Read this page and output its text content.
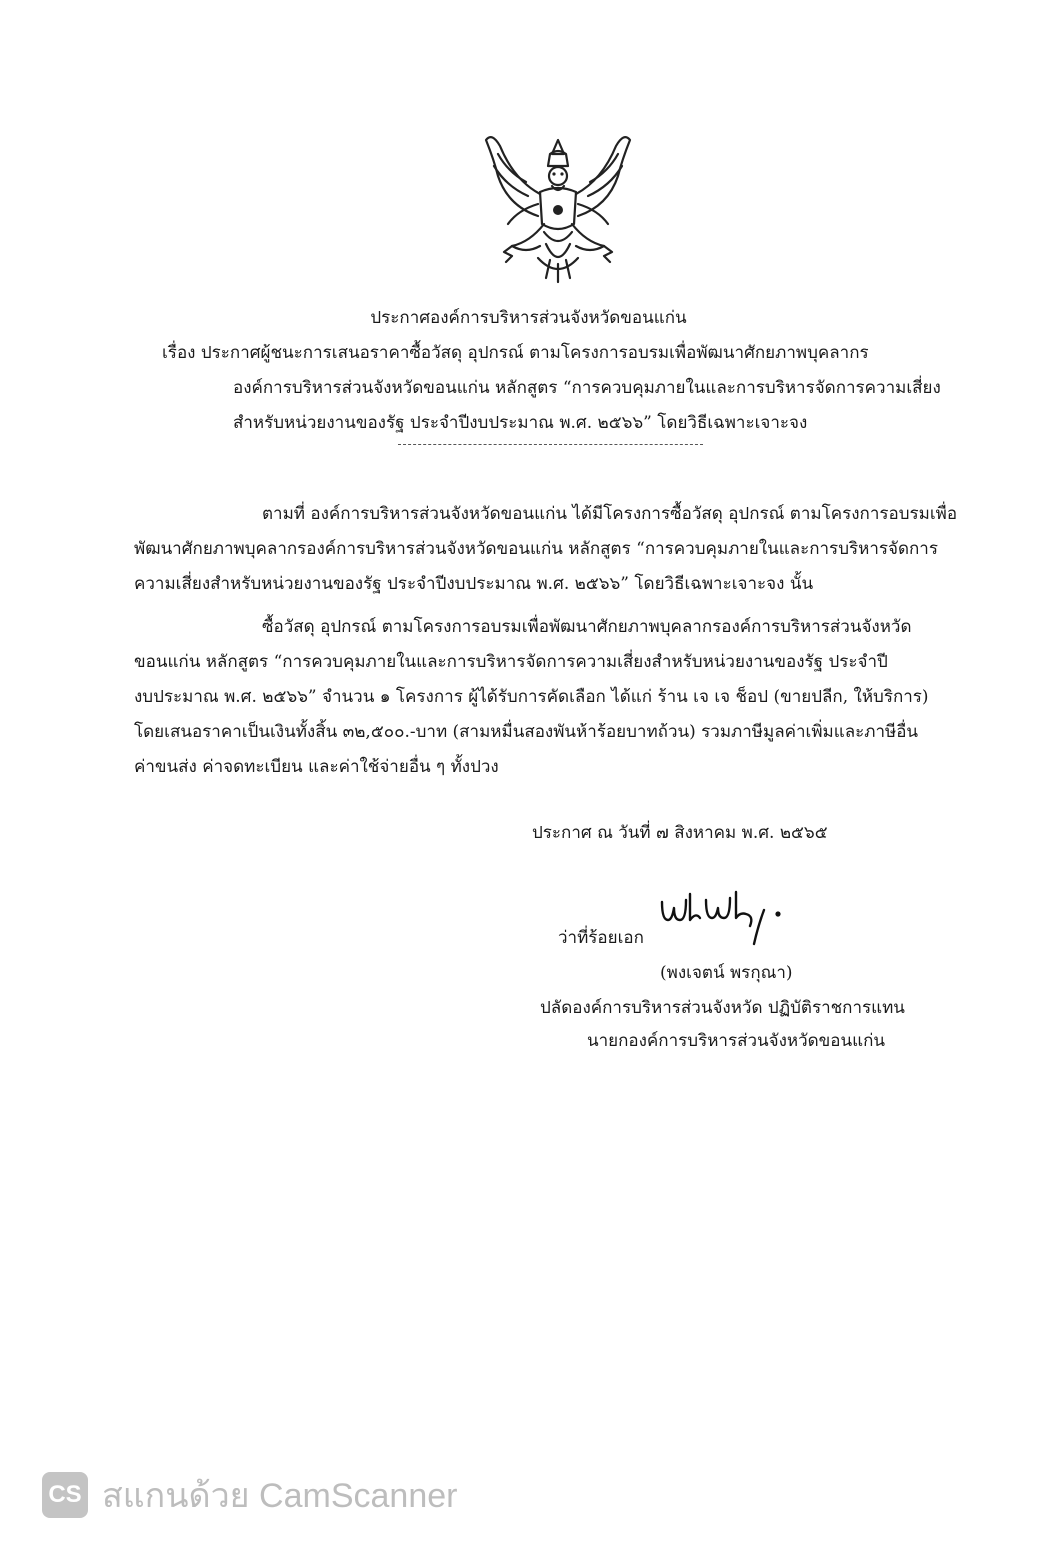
ประกาศองค์การบริหารส่วนจังหวัดขอนแก่น
เรื่อง ประกาศผู้ชนะการเสนอราคาซื้อวัสดุ อุปกรณ์ ตามโครงการอบรมเพื่อพัฒนาศักยภาพบุคลากร
องค์การบริหารส่วนจังหวัดขอนแก่น หลักสูตร “การควบคุมภายในและการบริหารจัดการความเสี่ยง
สำหรับหน่วยงานของรัฐ ประจำปีงบประมาณ พ.ศ. ๒๕๖๖” โดยวิธีเฉพาะเจาะจง
ตามที่ องค์การบริหารส่วนจังหวัดขอนแก่น ได้มีโครงการซื้อวัสดุ อุปกรณ์ ตามโครงการอบรมเพื่อ
พัฒนาศักยภาพบุคลากรองค์การบริหารส่วนจังหวัดขอนแก่น หลักสูตร “การควบคุมภายในและการบริหารจัดการ
ความเสี่ยงสำหรับหน่วยงานของรัฐ ประจำปีงบประมาณ พ.ศ. ๒๕๖๖” โดยวิธีเฉพาะเจาะจง นั้น
ซื้อวัสดุ อุปกรณ์ ตามโครงการอบรมเพื่อพัฒนาศักยภาพบุคลากรองค์การบริหารส่วนจังหวัด
ขอนแก่น หลักสูตร “การควบคุมภายในและการบริหารจัดการความเสี่ยงสำหรับหน่วยงานของรัฐ ประจำปี
งบประมาณ พ.ศ. ๒๕๖๖” จำนวน ๑ โครงการ ผู้ได้รับการคัดเลือก ได้แก่ ร้าน เจ เจ ช็อป (ขายปลีก, ให้บริการ)
โดยเสนอราคาเป็นเงินทั้งสิ้น ๓๒,๕๐๐.-บาท (สามหมื่นสองพันห้าร้อยบาทถ้วน) รวมภาษีมูลค่าเพิ่มและภาษีอื่น
ค่าขนส่ง ค่าจดทะเบียน และค่าใช้จ่ายอื่น ๆ ทั้งปวง
ประกาศ ณ วันที่ ๗ สิงหาคม พ.ศ. ๒๕๖๕
ว่าที่ร้อยเอก
(พงเจตน์ พรกุณา)
ปลัดองค์การบริหารส่วนจังหวัด ปฏิบัติราชการแทน
นายกองค์การบริหารส่วนจังหวัดขอนแก่น
CS สแกนด้วย CamScanner
